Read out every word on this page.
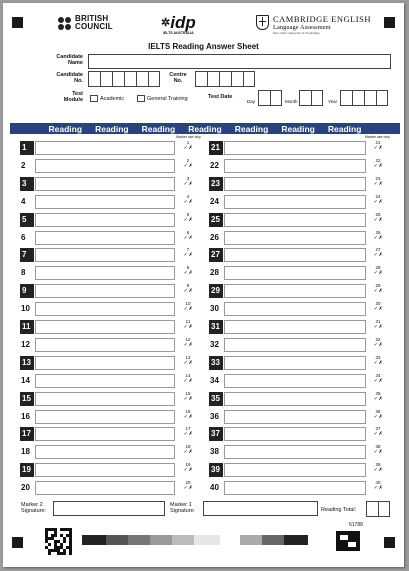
BRITISH
COUNCIL	✲idp
IELTS AUSTRALIA
CAMBRIDGE ENGLISH
Language Assessment
Part of the University of Cambridge
IELTS Reading Answer Sheet
Candidate
Name
Candidate
No.
Centre
No.
Test
Module	Academic	General Training	Test Date
Day	Month	Year
Reading Reading Reading Reading Reading Reading Reading
Marker use only	Marker use only
1
1
✓ ✗
2
2
✓ ✗
3
3
✓ ✗
4
4
✓ ✗
5
5
✓ ✗
6
6
✓ ✗
7
7
✓ ✗
8
8
✓ ✗
9
9
✓ ✗
10
10
✓ ✗
11
11
✓ ✗
12
12
✓ ✗
13
13
✓ ✗
14
14
✓ ✗
15
15
✓ ✗
16
16
✓ ✗
17
17
✓ ✗
18
18
✓ ✗
19
19
✓ ✗
20
20
✓ ✗
21
21
✓ ✗
22
22
✓ ✗
23
23
✓ ✗
24
24
✓ ✗
25
25
✓ ✗
26
26
✓ ✗
27
27
✓ ✗
28
28
✓ ✗
29
29
✓ ✗
30
30
✓ ✗
31
31
✓ ✗
32
32
✓ ✗
33
33
✓ ✗
34
34
✓ ✗
35
35
✓ ✗
36
36
✓ ✗
37
37
✓ ✗
38
38
✓ ✗
39
39
✓ ✗
40
40
✓ ✗
Marker 2
Signature:
Marker 1
Signature:	Reading Total:
61788
